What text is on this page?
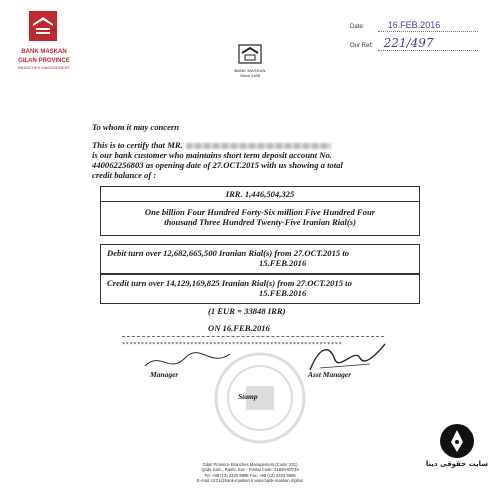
BANK MASKAN
GILAN PROVINCE
BRANCHES MANAGEMENT
BANK MASKAN
Since 1938
Date:	16.FEB.2016
Our Ref: 221/497
To whom it may concern
This is to certify that MR.
is our bank customer who maintains short term deposit account No.
440062256803 as opening date of 27.OCT.2015 with us showing a total
credit balance of :
IRR. 1,446,504,325
One billion Four Hundred Forty-Six million Five Hundred Four
thousand Three Hundred Twenty-Five Iranian Rial(s)
Debit turn over 12,682,665,500 Iranian Rial(s) from 27.OCT.2015 to
15.FEB.2016
Credit turn over 14,129,169,825 Iranian Rial(s) from 27.OCT.2015 to
15.FEB.2016
(1 EUR = 33848 IRR)
ON 16.FEB.2016
**********************************************************
Manager	Asst Manager
Stamp
Gilan Province Branches Management (Code: 221)
Qods Junc., Rasht, Iran - Postal Code: 41849-83749
Tel: +98 (13) 3333 9998 Fax: +98 (13) 3333 9995
E-mail: n221@bank-maskan.ir www.bank-maskan.ir/gilan
سایت حقوقی دینا
